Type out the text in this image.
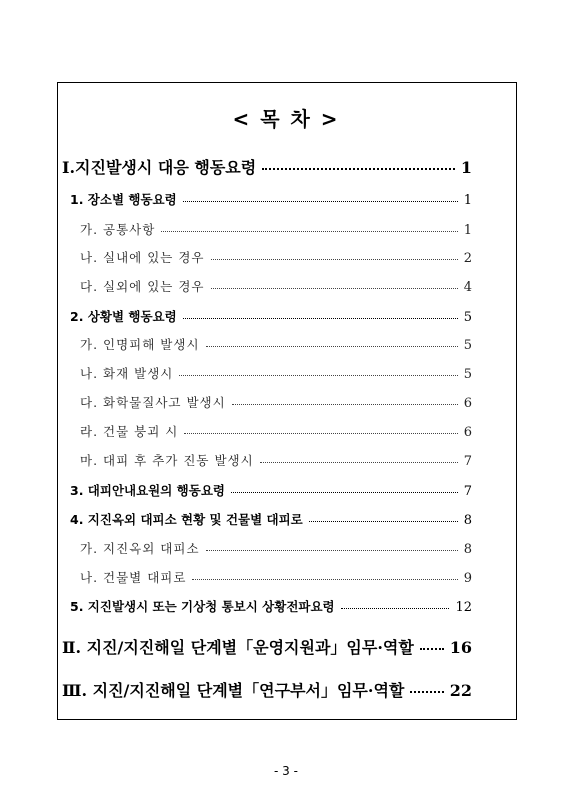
< 목 차 >
Ⅰ.지진발생시 대응 행동요령	1
1. 장소별 행동요령	1
가. 공통사항	1
나. 실내에 있는 경우	2
다. 실외에 있는 경우	4
2. 상황별 행동요령	5
가. 인명피해 발생시	5
나. 화재 발생시	5
다. 화학물질사고 발생시	6
라. 건물 붕괴 시	6
마. 대피 후 추가 진동 발생시	7
3. 대피안내요원의 행동요령	7
4. 지진옥외 대피소 현황 및 건물별 대피로	8
가. 지진옥외 대피소	8
나. 건물별 대피로	9
5. 지진발생시 또는 기상청 통보시 상황전파요령	12
Ⅱ. 지진/지진해일 단계별「운영지원과」임무·역할 16
Ⅲ. 지진/지진해일 단계별「연구부서」임무·역할	22
- 3 -
